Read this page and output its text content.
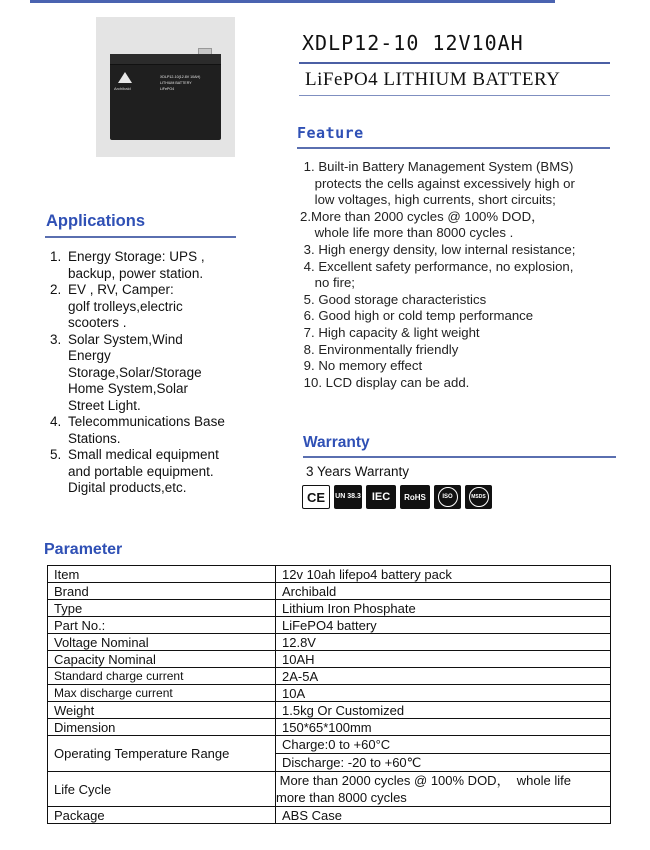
Archibald
XDLP12-10(12.8V 10AH)
LITHIUM BATTERY
LiFePO4
XDLP12-10 12V10AH
LiFePO4 LITHIUM BATTERY
Feature
1. Built-in Battery Management System (BMS)
protects the cells against excessively high or
low voltages, high currents, short circuits;
2.More than 2000 cycles @ 100% DOD，
whole life more than 8000 cycles .
3. High energy density, low internal resistance;
4. Excellent safety performance, no explosion,
no fire;
5. Good storage characteristics
6. Good high or cold temp performance
7. High capacity & light weight
8. Environmentally friendly
9. No memory effect
10. LCD display can be add.
Applications
1. Energy Storage: UPS , backup, power station.
2. EV , RV, Camper: golf trolleys,electric scooters .
3. Solar System,Wind Energy Storage,Solar/Storage Home System,Solar Street Light.
4. Telecommunications Base Stations.
5. Small medical equipment and portable equipment. Digital products,etc.
Warranty
3 Years Warranty
CE	UN 38.3 IEC	RoHS	ISO	MSDS
Parameter
Item	12v 10ah lifepo4 battery pack
Brand	Archibald
Type	Lithium Iron Phosphate
Part No.:	LiFePO4 battery
Voltage Nominal	12.8V
Capacity Nominal	10AH
Standard charge current	2A-5A
Max discharge current	10A
Weight	1.5kg Or Customized
Dimension	150*65*100mm
Operating Temperature Range	Charge:0 to +60°C
	Discharge: -20 to +60℃
Life Cycle	More than 2000 cycles @ 100% DOD，  whole life
more than 8000 cycles

Package	ABS Case
